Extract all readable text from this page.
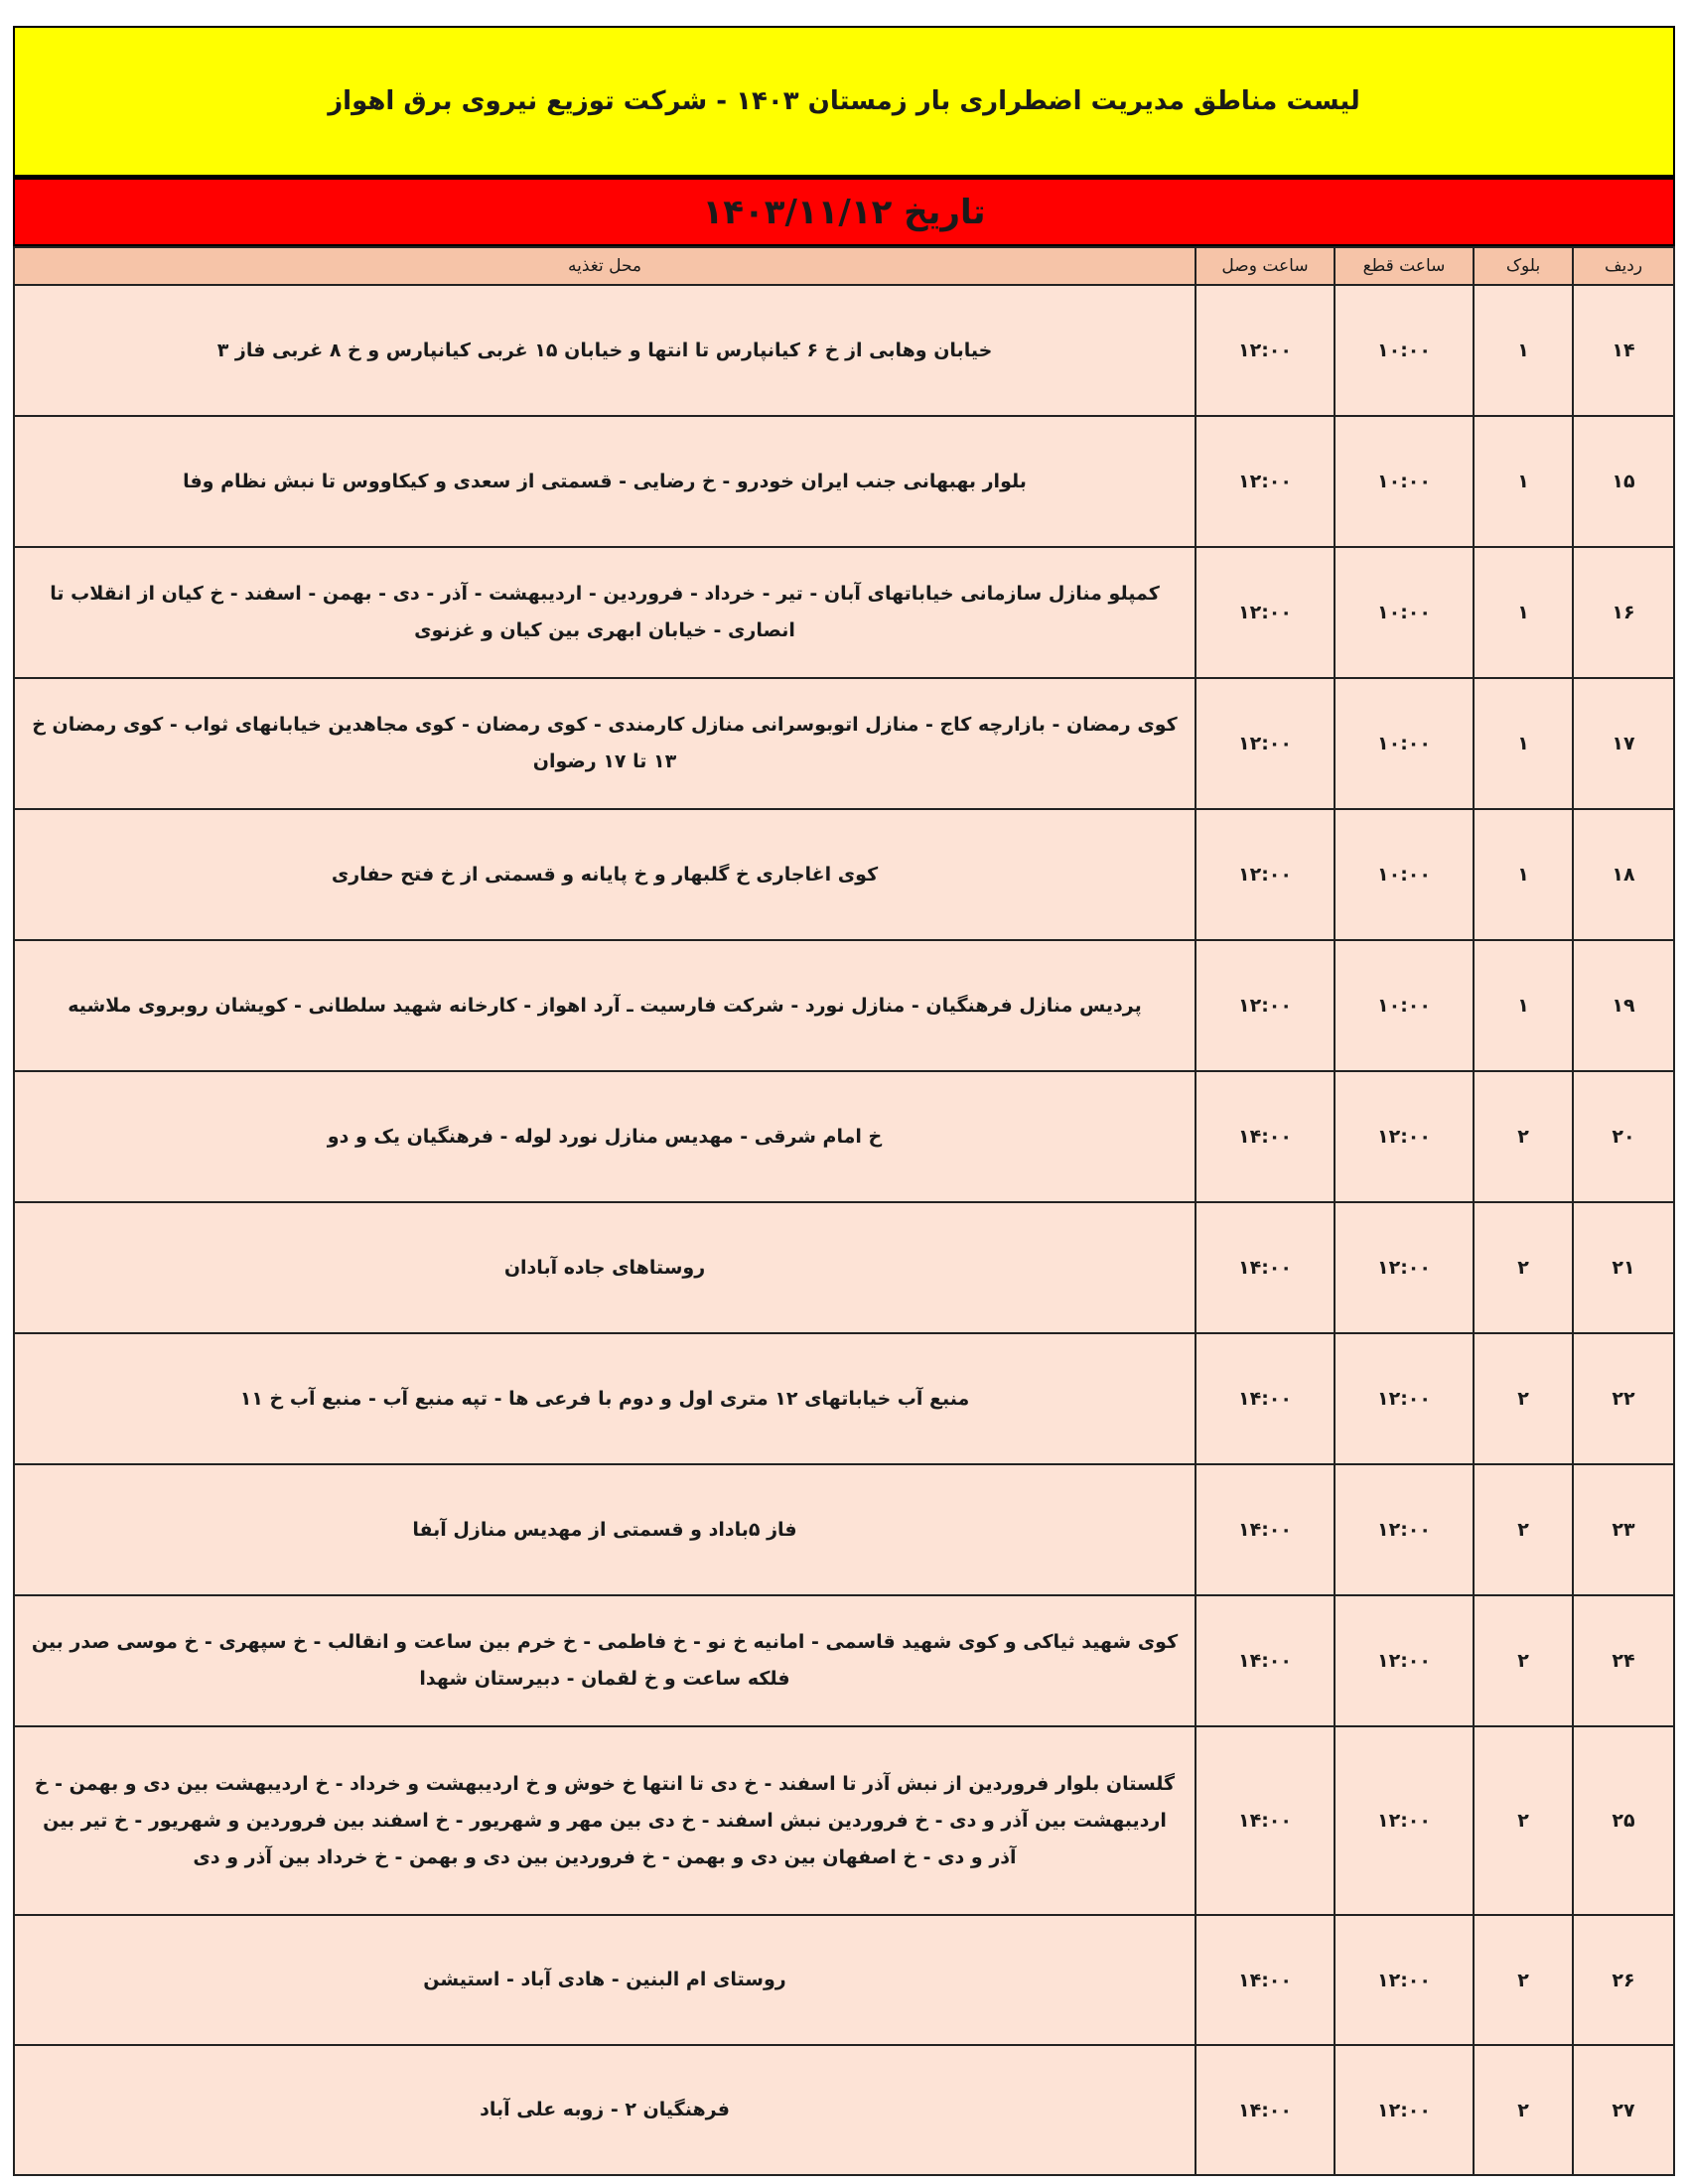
لیست مناطق مدیریت اضطراری بار زمستان ۱۴۰۳ - شرکت توزیع نیروی برق اهواز
تاریخ ۱۴۰۳/۱۱/۱۲
ردیف	بلوک	ساعت قطع	ساعت وصل	محل تغذیه
۱۴	۱	۱۰:۰۰	۱۲:۰۰	خیابان وهابی از خ ۶ کیانپارس تا انتها و خیابان ۱۵ غربی کیانپارس و خ ۸ غربی فاز ۳
۱۵	۱	۱۰:۰۰	۱۲:۰۰	بلوار بهبهانی جنب ایران خودرو - خ رضایی - قسمتی از سعدی و کیکاووس تا نبش نظام وفا
۱۶	۱	۱۰:۰۰	۱۲:۰۰	کمپلو منازل سازمانی خیاباتهای آبان - تیر - خرداد - فروردین - اردیبهشت - آذر - دی - بهمن - اسفند - خ کیان از انقلاب تا انصاری - خیابان ابهری بین کیان و غزنوی
۱۷	۱	۱۰:۰۰	۱۲:۰۰	کوی رمضان - بازارچه کاج - منازل اتوبوسرانی منازل کارمندی - کوی رمضان - کوی مجاهدین خیابانهای ثواب - کوی رمضان خ ۱۳ تا ۱۷ رضوان
۱۸	۱	۱۰:۰۰	۱۲:۰۰	کوی اغاجاری خ گلبهار و خ پایانه و قسمتی از خ فتح حفاری
۱۹	۱	۱۰:۰۰	۱۲:۰۰	پردیس منازل فرهنگیان - منازل نورد - شرکت فارسیت ـ آرد اهواز - کارخانه شهید سلطانی - کویشان روبروی ملاشیه
۲۰	۲	۱۲:۰۰	۱۴:۰۰	خ امام شرقی - مهدیس منازل نورد لوله - فرهنگیان یک و دو
۲۱	۲	۱۲:۰۰	۱۴:۰۰	روستاهای جاده آبادان
۲۲	۲	۱۲:۰۰	۱۴:۰۰	منبع آب خیاباتهای ۱۲ متری اول و دوم با فرعی ها - تپه منبع آب - منبع آب خ ۱۱
۲۳	۲	۱۲:۰۰	۱۴:۰۰	فاز ۵باداد و قسمتی از مهدیس منازل آبفا
۲۴	۲	۱۲:۰۰	۱۴:۰۰	کوی شهید ثیاکی و کوی شهید قاسمی - امانیه خ نو - خ فاطمی - خ خرم بین ساعت و انقالب - خ سپهری - خ موسی صدر بین فلکه ساعت و خ لقمان - دبیرستان شهدا
۲۵	۲	۱۲:۰۰	۱۴:۰۰	گلستان بلوار فروردین از نبش آذر تا اسفند - خ دی تا انتها خ خوش و خ اردیبهشت و خرداد - خ اردیبهشت بین دی و بهمن - خ اردیبهشت بین آذر و دی - خ فروردین نبش اسفند - خ دی بین مهر و شهریور - خ اسفند بین فروردین و شهریور - خ تیر بین آذر و دی - خ اصفهان بین دی و بهمن - خ فروردین بین دی و بهمن - خ خرداد بین آذر و دی
۲۶	۲	۱۲:۰۰	۱۴:۰۰	روستای ام البنین - هادی آباد - استیشن
۲۷	۲	۱۲:۰۰	۱۴:۰۰	فرهنگیان ۲ - زوبه علی آباد
